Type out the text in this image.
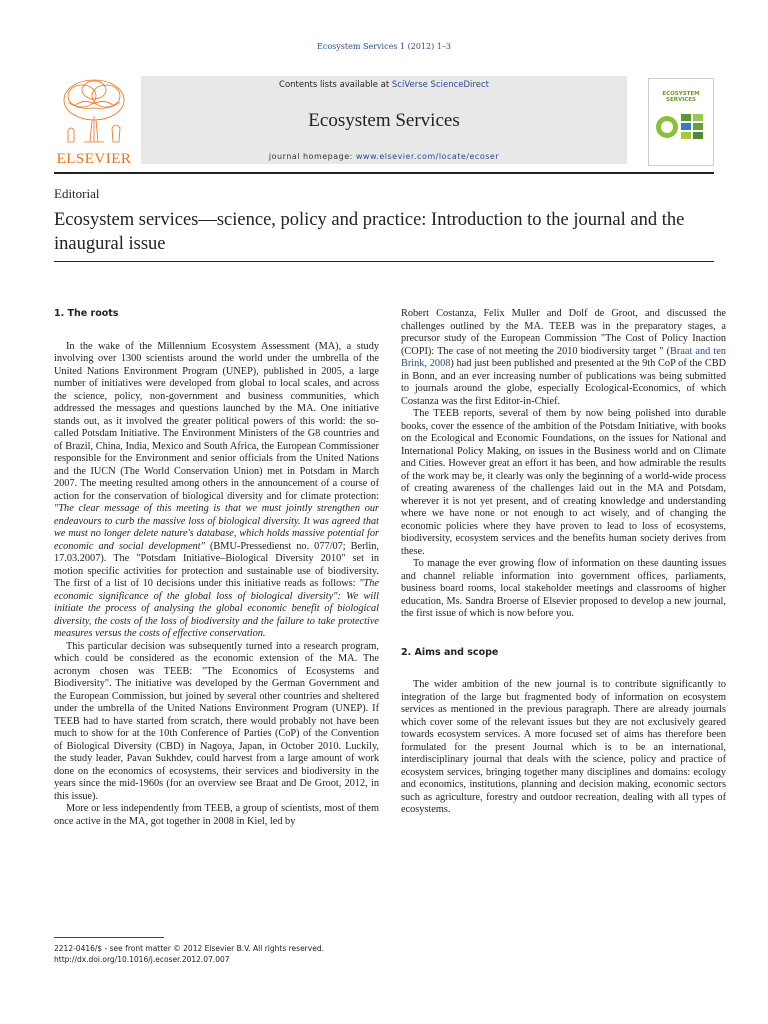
Ecosystem Services 1 (2012) 1–3
ELSEVIER
Contents lists available at SciVerse ScienceDirect
Ecosystem Services
journal homepage: www.elsevier.com/locate/ecoser
ECOSYSTEM
SERVICES
Editorial
Ecosystem services—science, policy and practice: Introduction to the journal and the inaugural issue
1. The roots

In the wake of the Millennium Ecosystem Assessment (MA), a study involving over 1300 scientists around the world under the umbrella of the United Nations Environment Program (UNEP), published in 2005, a large number of initiatives were developed from global to local scales, and across the science, policy, non-government and business communities, which addressed the messages and questions launched by the MA. One initiative stands out, as it involved the greater political powers of this world: the so-called Potsdam Initiative. The Environment Ministers of the G8 countries and of Brazil, China, India, Mexico and South Africa, the European Commissioner responsible for the Environment and senior officials from the United Nations and the IUCN (The World Conservation Union) met in Potsdam in March 2007. The meeting resulted among others in the announcement of a course of action for the conservation of biological diversity and for climate protection: "The clear message of this meeting is that we must jointly strengthen our endeavours to curb the massive loss of biological diversity. It was agreed that we must no longer delete nature's database, which holds massive potential for economic and social development" (BMU-Pressedienst no. 077/07; Berlin, 17.03.2007). The "Potsdam Initiative–Biological Diversity 2010" set in motion specific activities for protection and sustainable use of biodiversity. The first of a list of 10 decisions under this initiative reads as follows: "The economic significance of the global loss of biological diversity": We will initiate the process of analysing the global economic benefit of biological diversity, the costs of the loss of biodiversity and the failure to take protective measures versus the costs of effective conservation.

This particular decision was subsequently turned into a research program, which could be considered as the economic extension of the MA. The acronym chosen was TEEB: "The Economics of Ecosystems and Biodiversity". The initiative was developed by the German Government and the European Commission, but joined by several other countries and sheltered under the umbrella of the United Nations Environment Program (UNEP). If TEEB had to have started from scratch, there would probably not have been much to show for at the 10th Conference of Parties (CoP) of the Convention of Biological Diversity (CBD) in Nagoya, Japan, in October 2010. Luckily, the study leader, Pavan Sukhdev, could harvest from a large amount of work done on the economics of ecosystems, their services and biodiversity in the years since the mid-1960s (for an overview see Braat and De Groot, 2012, in this issue).

More or less independently from TEEB, a group of scientists, most of them once active in the MA, got together in 2008 in Kiel, led by

Robert Costanza, Felix Muller and Dolf de Groot, and discussed the challenges outlined by the MA. TEEB was in the preparatory stages, a precursor study of the European Commission "The Cost of Policy Inaction (COPI): The case of not meeting the 2010 biodiversity target " (Braat and ten Brink, 2008) had just been published and presented at the 9th CoP of the CBD in Bonn, and an ever increasing number of publications was being submitted to journals around the globe, especially Ecological-Economics, of which Costanza was the first Editor-in-Chief.

The TEEB reports, several of them by now being polished into durable books, cover the essence of the ambition of the Potsdam Initiative, with books on the Ecological and Economic Foundations, on the issues for National and International Policy Making, on issues in the Business world and on Climate and Cities. However great an effort it has been, and how admirable the results of the work may be, it clearly was only the beginning of a world-wide process of creating awareness of the challenges laid out in the MA and Potsdam, wherever it is not yet present, and of creating knowledge and understanding where we have none or not enough to act wisely, and of changing the economic policies where they have proven to lead to loss of ecosystems, biodiversity, ecosystem services and the benefits human society derives from these.

To manage the ever growing flow of information on these daunting issues and channel reliable information into government offices, parliaments, business board rooms, local stakeholder meetings and classrooms of higher education, Ms. Sandra Broerse of Elsevier proposed to develop a new journal, the first issue of which is now before you.

2. Aims and scope

The wider ambition of the new journal is to contribute significantly to integration of the large but fragmented body of information on ecosystem services as mentioned in the previous paragraph. There are already journals which cover some of the relevant issues but they are not exclusively geared towards ecosystem services. A more focused set of aims has therefore been formulated for the present Journal which is to be an international, interdisciplinary journal that deals with the science, policy and practice of ecosystem services, bringing together many disciplines and domains: ecology and economics, institutions, planning and decision making, economic sectors such as agriculture, forestry and outdoor recreation, dealing with all types of ecosystems.

2212-0416/$ - see front matter © 2012 Elsevier B.V. All rights reserved.
http://dx.doi.org/10.1016/j.ecoser.2012.07.007
